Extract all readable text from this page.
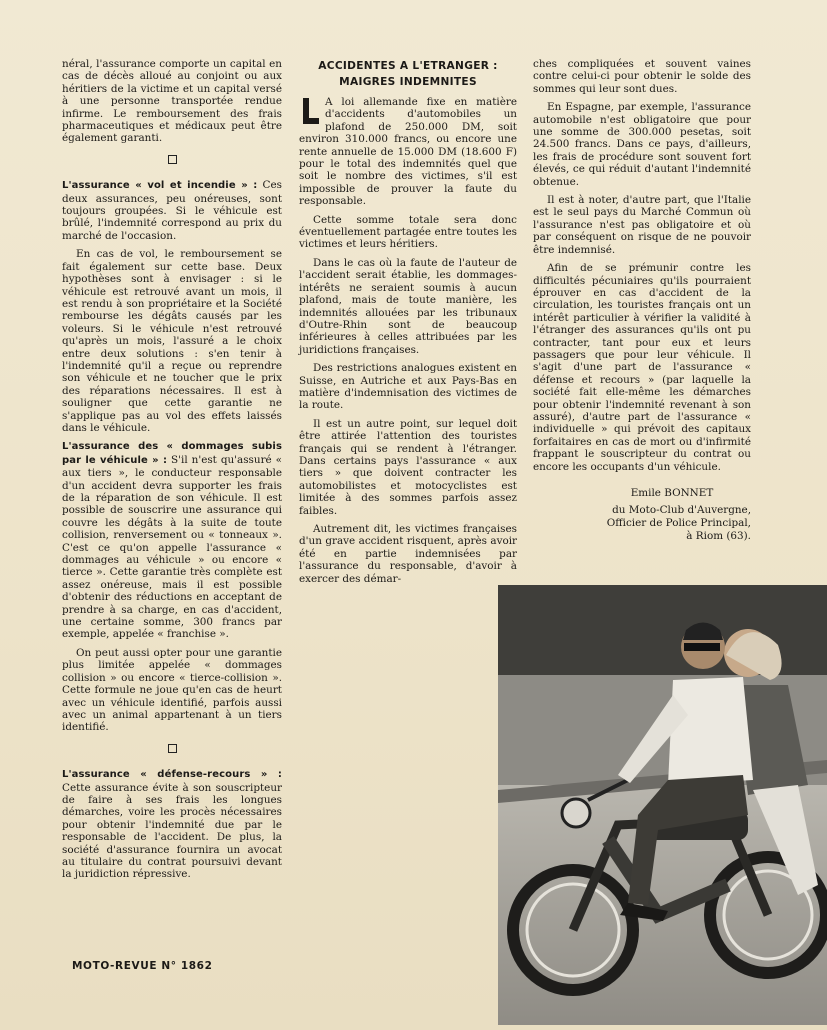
néral, l'assurance comporte un capital en cas de décès alloué au conjoint ou aux héritiers de la victime et un capital versé à une personne transportée rendue infirme. Le remboursement des frais pharmaceutiques et médicaux peut être également garanti.

L'assurance « vol et incendie » : Ces deux assurances, peu onéreuses, sont toujours groupées. Si le véhicule est brûlé, l'indemnité correspond au prix du marché de l'occasion.

En cas de vol, le remboursement se fait également sur cette base. Deux hypothèses sont à envisager : si le véhicule est retrouvé avant un mois, il est rendu à son propriétaire et la Société rembourse les dégâts causés par les voleurs. Si le véhicule n'est retrouvé qu'après un mois, l'assuré a le choix entre deux solutions : s'en tenir à l'indemnité qu'il a reçue ou reprendre son véhicule et ne toucher que le prix des réparations nécessaires. Il est à souligner que cette garantie ne s'applique pas au vol des effets laissés dans le véhicule.

L'assurance des « dommages subis par le véhicule » : S'il n'est qu'assuré « aux tiers », le conducteur responsable d'un accident devra supporter les frais de la réparation de son véhicule. Il est possible de souscrire une assurance qui couvre les dégâts à la suite de toute collision, renversement ou « tonneaux ». C'est ce qu'on appelle l'assurance « dommages au véhicule » ou encore « tierce ». Cette garantie très complète est assez onéreuse, mais il est possible d'obtenir des réductions en acceptant de prendre à sa charge, en cas d'accident, une certaine somme, 300 francs par exemple, appelée « franchise ».

On peut aussi opter pour une garantie plus limitée appelée « dommages collision » ou encore « tierce-collision ». Cette formule ne joue qu'en cas de heurt avec un véhicule identifié, parfois aussi avec un animal appartenant à un tiers identifié.

L'assurance « défense-recours » : Cette assurance évite à son souscripteur de faire à ses frais les longues démarches, voire les procès nécessaires pour obtenir l'indemnité due par le responsable de l'accident. De plus, la société d'assurance fournira un avocat au titulaire du contrat poursuivi devant la juridiction répressive.

ACCIDENTES A L'ETRANGER :
MAIGRES INDEMNITES

A loi allemande fixe en matière d'accidents d'automobiles un plafond de 250.000 DM, soit environ 310.000 francs, ou encore une rente annuelle de 15.000 DM (18.600 F) pour le total des indemnités quel que soit le nombre des victimes, s'il est impossible de prouver la faute du responsable.

Cette somme totale sera donc éventuellement partagée entre toutes les victimes et leurs héritiers.

Dans le cas où la faute de l'auteur de l'accident serait établie, les dommages-intérêts ne seraient soumis à aucun plafond, mais de toute manière, les indemnités allouées par les tribunaux d'Outre-Rhin sont de beaucoup inférieures à celles attribuées par les juridictions françaises.

Des restrictions analogues existent en Suisse, en Autriche et aux Pays-Bas en matière d'indemnisation des victimes de la route.

Il est un autre point, sur lequel doit être attirée l'attention des touristes français qui se rendent à l'étranger. Dans certains pays l'assurance « aux tiers » que doivent contracter les automobilistes et motocyclistes est limitée à des sommes parfois assez faibles.

Autrement dit, les victimes françaises d'un grave accident risquent, après avoir été en partie indemnisées par l'assurance du responsable, d'avoir à exercer des démar-

ches compliquées et souvent vaines contre celui-ci pour obtenir le solde des sommes qui leur sont dues.

En Espagne, par exemple, l'assurance automobile n'est obligatoire que pour une somme de 300.000 pesetas, soit 24.500 francs. Dans ce pays, d'ailleurs, les frais de procédure sont souvent fort élevés, ce qui réduit d'autant l'indemnité obtenue.

Il est à noter, d'autre part, que l'Italie est le seul pays du Marché Commun où l'assurance n'est pas obligatoire et où par conséquent on risque de ne pouvoir être indemnisé.

Afin de se prémunir contre les difficultés pécuniaires qu'ils pourraient éprouver en cas d'accident de la circulation, les touristes français ont un intérêt particulier à vérifier la validité à l'étranger des assurances qu'ils ont pu contracter, tant pour eux et leurs passagers que pour leur véhicule. Il s'agit d'une part de l'assurance « défense et recours » (par laquelle la société fait elle-même les démarches pour obtenir l'indemnité revenant à son assuré), d'autre part de l'assurance « individuelle » qui prévoit des capitaux forfaitaires en cas de mort ou d'infirmité frappant le souscripteur du contrat ou encore les occupants d'un véhicule.

Emile BONNET
du Moto-Club d'Auvergne,
Officier de Police Principal,
à Riom (63).
MOTO-REVUE N° 1862
